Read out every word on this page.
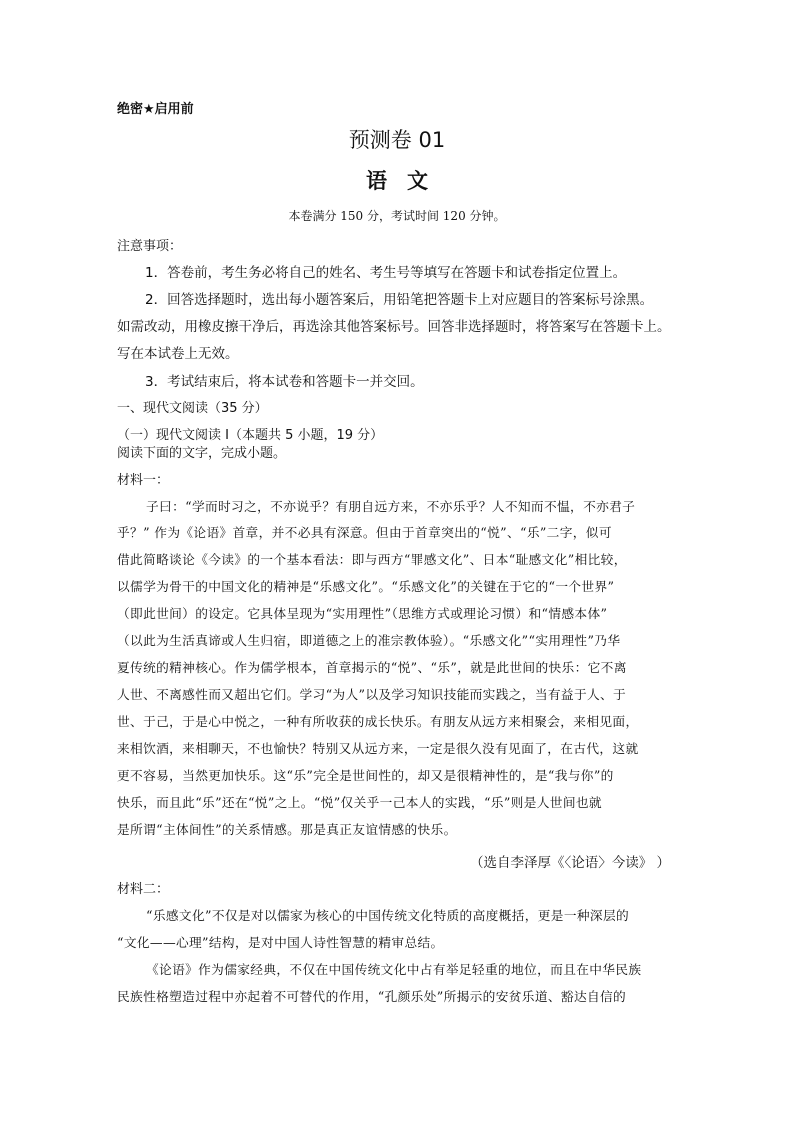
绝密★启用前
预测卷 01
语文
本卷满分 150 分，考试时间 120 分钟。
注意事项：
1．答卷前，考生务必将自己的姓名、考生号等填写在答题卡和试卷指定位置上。
2．回答选择题时，选出每小题答案后，用铅笔把答题卡上对应题目的答案标号涂黑。
如需改动，用橡皮擦干净后，再选涂其他答案标号。回答非选择题时，将答案写在答题卡上。
写在本试卷上无效。
3．考试结束后，将本试卷和答题卡一并交回。
一、现代文阅读（35 分）
（一）现代文阅读 I（本题共 5 小题，19 分）
阅读下面的文字，完成小题。
材料一：
子曰：“学而时习之，不亦说乎？有朋自远方来，不亦乐乎？人不知而不愠，不亦君子
乎？” 作为《论语》首章，并不必具有深意。但由于首章突出的“悦”、“乐”二字，似可
借此简略谈论《今读》的一个基本看法：即与西方“罪感文化”、日本“耻感文化”相比较，
以儒学为骨干的中国文化的精神是“乐感文化”。“乐感文化”的关键在于它的“一个世界”
（即此世间）的设定。它具体呈现为“实用理性”（思维方式或理论习惯）和“情感本体”
（以此为生活真谛或人生归宿，即道德之上的准宗教体验）。“乐感文化”“实用理性”乃华
夏传统的精神核心。作为儒学根本，首章揭示的“悦”、“乐”，就是此世间的快乐：它不离
人世、不离感性而又超出它们。学习“为人”以及学习知识技能而实践之，当有益于人、于
世、于己，于是心中悦之，一种有所收获的成长快乐。有朋友从远方来相聚会，来相见面，
来相饮酒，来相聊天，不也愉快？特别又从远方来，一定是很久没有见面了，在古代，这就
更不容易，当然更加快乐。这“乐”完全是世间性的，却又是很精神性的，是“我与你”的
快乐，而且此“乐”还在“悦”之上。“悦”仅关乎一己本人的实践，“乐”则是人世间也就
是所谓“主体间性”的关系情感。那是真正友谊情感的快乐。
（选自李泽厚《〈论语〉今读》 ）
材料二：
“乐感文化”不仅是对以儒家为核心的中国传统文化特质的高度概括，更是一种深层的
“文化——心理”结构，是对中国人诗性智慧的精审总结。
《论语》作为儒家经典，不仅在中国传统文化中占有举足轻重的地位，而且在中华民族
民族性格塑造过程中亦起着不可替代的作用，“孔颜乐处”所揭示的安贫乐道、豁达自信的
